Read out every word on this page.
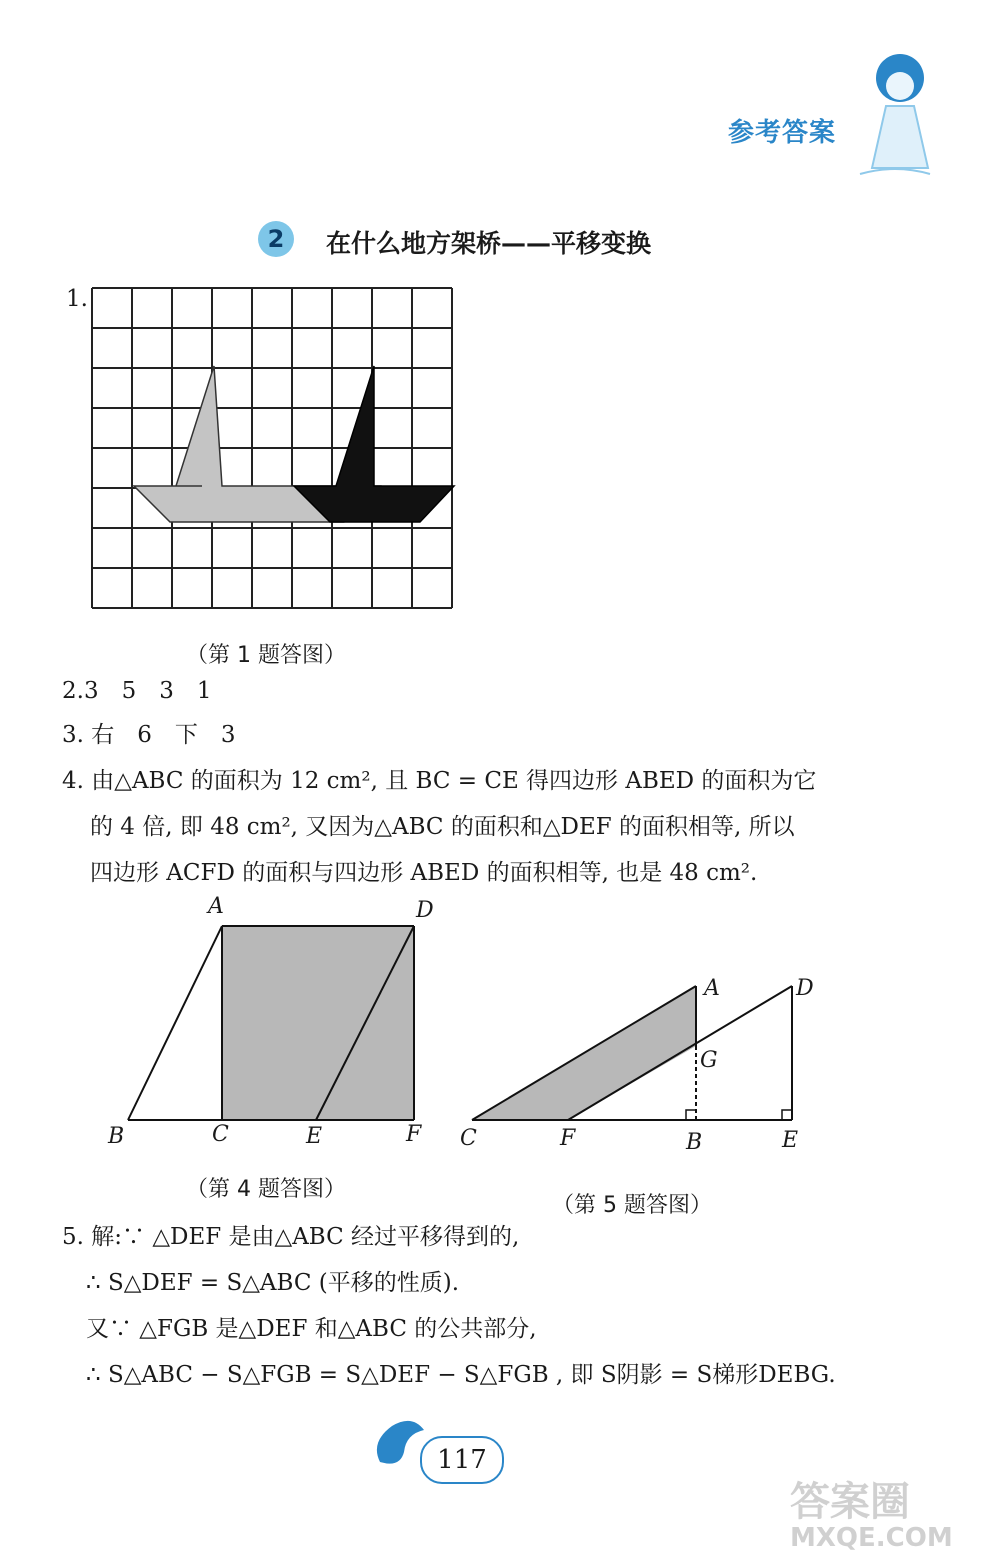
参考答案
2	在什么地方架桥——平移变换
1.
（第 1 题答图）
2.3　5　3　1
3. 右　6　下　3
4. 由△ABC 的面积为 12 cm², 且 BC = CE 得四边形 ABED 的面积为它
的 4 倍, 即 48 cm², 又因为△ABC 的面积和△DEF 的面积相等, 所以
四边形 ACFD 的面积与四边形 ABED 的面积相等, 也是 48 cm².
A	D
B	C	E	F
（第 4 题答图）
A	D
G
C	F	B	E
（第 5 题答图）
5. 解:∵ △DEF 是由△ABC 经过平移得到的,
∴ S△DEF = S△ABC (平移的性质).
又∵ △FGB 是△DEF 和△ABC 的公共部分,
∴ S△ABC − S△FGB = S△DEF − S△FGB , 即 S阴影 = S梯形DEBG.
117
答案圈
MXQE.COM
